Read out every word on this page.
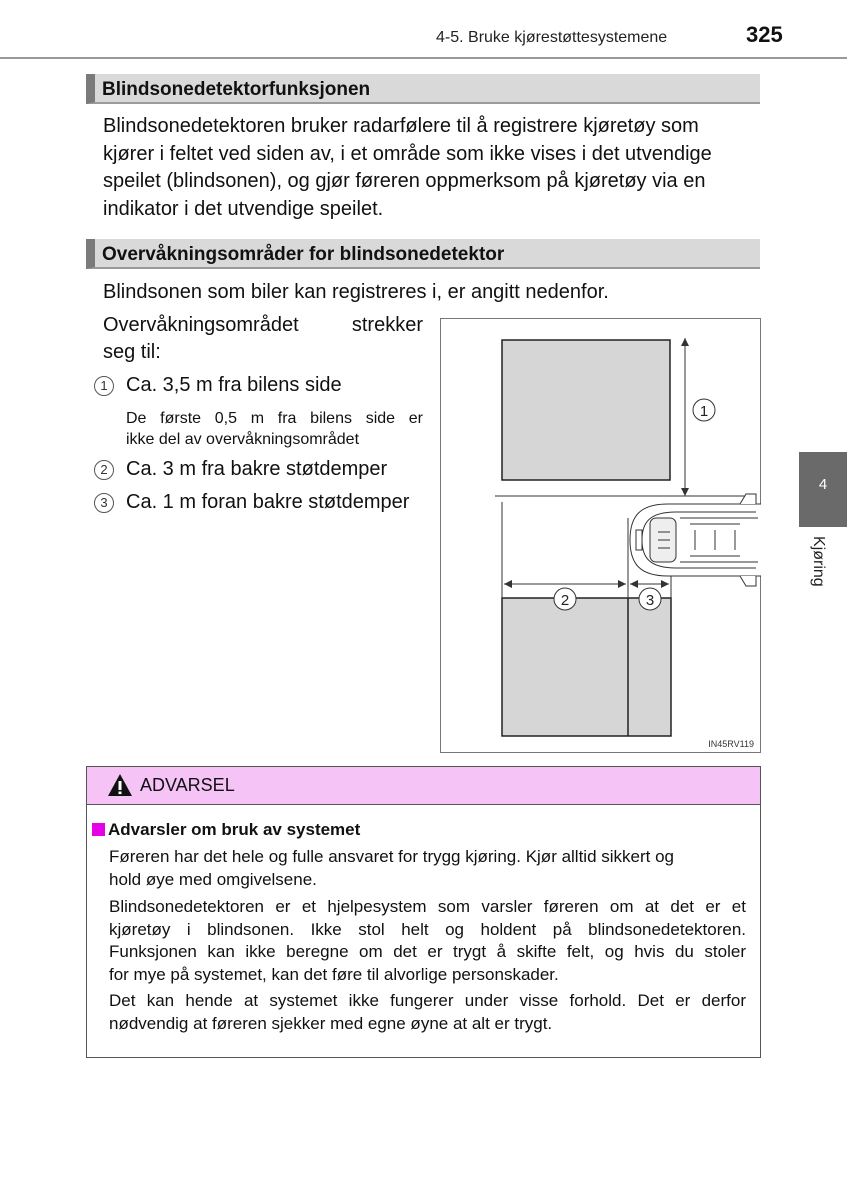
4-5. Bruke kjørestøttesystemene	325
Blindsonedetektorfunksjonen
Blindsonedetektoren bruker radarfølere til å registrere kjøretøy som
kjører i feltet ved siden av, i et område som ikke vises i det utvendige
speilet (blindsonen), og gjør føreren oppmerksom på kjøretøy via en
indikator i det utvendige speilet.
Overvåkningsområder for blindsonedetektor
Blindsonen som biler kan registreres i, er angitt nedenfor.
Overvåkningsområdet strekker
seg til:
1 Ca. 3,5 m fra bilens side
De første 0,5 m fra bilens side er
ikke del av overvåkningsområdet
2 Ca. 3 m fra bakre støtdemper
3 Ca. 1 m foran bakre støtdemper
1
2	3
IN45RV119
4
Kjøring
ADVARSEL
Advarsler om bruk av systemet
Føreren har det hele og fulle ansvaret for trygg kjøring. Kjør alltid sikkert og
hold øye med omgivelsene.
Blindsonedetektoren er et hjelpesystem som varsler føreren om at det er et
kjøretøy i blindsonen. Ikke stol helt og holdent på blindsonedetektoren.
Funksjonen kan ikke beregne om det er trygt å skifte felt, og hvis du stoler
for mye på systemet, kan det føre til alvorlige personskader.
Det kan hende at systemet ikke fungerer under visse forhold. Det er derfor
nødvendig at føreren sjekker med egne øyne at alt er trygt.
